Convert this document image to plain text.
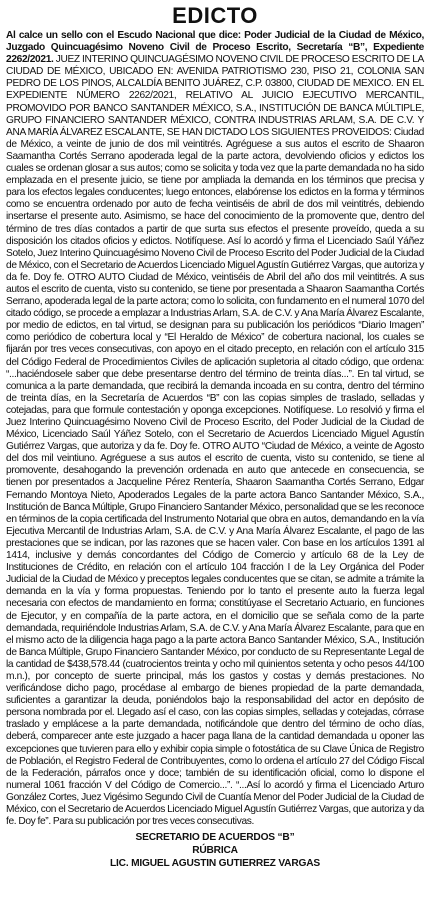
EDICTO

Al calce un sello con el Escudo Nacional que dice: Poder Judicial de la Ciudad de México, Juzgado Quincuagésimo Noveno Civil de Proceso Escrito, Secretaría “B”, Expediente 2262/2021. JUEZ INTERINO QUINCUAGÉSIMO NOVENO CIVIL DE PROCESO ESCRITO DE LA CIUDAD DE MÉXICO, UBICADO EN: AVENIDA PATRIOTISMO 230, PISO 21, COLONIA SAN PEDRO DE LOS PINOS, ALCALDÍA BENITO JUÁREZ, C.P. 03800, CIUDAD DE MEXICO. EN EL EXPEDIENTE NÚMERO 2262/2021, RELATIVO AL JUICIO EJECUTIVO MERCANTIL, PROMOVIDO POR BANCO SANTANDER MÉXICO, S.A., INSTITUCIÓN DE BANCA MÚLTIPLE, GRUPO FINANCIERO SANTANDER MÉXICO, CONTRA INDUSTRIAS ARLAM, S.A. DE C.V. Y ANA MARÍA ÁLVAREZ ESCALANTE, SE HAN DICTADO LOS SIGUIENTES PROVEIDOS: Ciudad de México, a veinte de junio de dos mil veintitrés. Agréguese a sus autos el escrito de Shaaron Saamantha Cortés Serrano apoderada legal de la parte actora, devolviendo oficios y edictos los cuales se ordenan glosar a sus autos; como se solicita y toda vez que la parte demandada no ha sido emplazada en el presente juicio, se tiene por ampliada la demanda en los términos que precisa y para los efectos legales conducentes; luego entonces, elabórense los edictos en la forma y términos como se encuentra ordenado por auto de fecha veintiséis de abril de dos mil veintitrés, debiendo insertarse el presente auto. Asimismo, se hace del conocimiento de la promovente que, dentro del término de tres días contados a partir de que surta sus efectos el presente proveído, queda a su disposición los citados oficios y edictos. Notifíquese. Así lo acordó y firma el Licenciado Saúl Yáñez Sotelo, Juez Interino Quincuagésimo Noveno Civil de Proceso Escrito del Poder Judicial de la Ciudad de México, con el Secretario de Acuerdos Licenciado Miguel Agustín Gutiérrez Vargas, que autoriza y da fe. Doy fe. OTRO AUTO Ciudad de México, veintiséis de Abril del año dos mil veintitrés. A sus autos el escrito de cuenta, visto su contenido, se tiene por presentada a Shaaron Saamantha Cortés Serrano, apoderada legal de la parte actora; como lo solicita, con fundamento en el numeral 1070 del citado código, se procede a emplazar a Industrias Arlam, S.A. de C.V. y Ana María Álvarez Escalante, por medio de edictos, en tal virtud, se designan para su publicación los periódicos “Diario Imagen” como periódico de cobertura local y “El Heraldo de México” de cobertura nacional, los cuales se fijarán por tres veces consecutivas, con apoyo en el citado precepto, en relación con el artículo 315 del Código Federal de Procedimientos Civiles de aplicación supletoria al citado código, que ordena: “...haciéndosele saber que debe presentarse dentro del término de treinta días...”. En tal virtud, se comunica a la parte demandada, que recibirá la demanda incoada en su contra, dentro del término de treinta días, en la Secretaría de Acuerdos “B” con las copias simples de traslado, selladas y cotejadas, para que formule contestación y oponga excepciones. Notifíquese. Lo resolvió y firma el Juez Interino Quincuagésimo Noveno Civil de Proceso Escrito, del Poder Judicial de la Ciudad de México, Licenciado Saúl Yáñez Sotelo, con el Secretario de Acuerdos Licenciado Miguel Agustín Gutiérrez Vargas, que autoriza y da fe. Doy fe. OTRO AUTO “Ciudad de México, a veinte de Agosto del dos mil veintiuno. Agréguese a sus autos el escrito de cuenta, visto su contenido, se tiene al promovente, desahogando la prevención ordenada en auto que antecede en consecuencia, se tienen por presentados a Jacqueline Pérez Rentería, Shaaron Saamantha Cortés Serrano, Edgar Fernando Montoya Nieto, Apoderados Legales de la parte actora Banco Santander México, S.A., Institución de Banca Múltiple, Grupo Financiero Santander México, personalidad que se les reconoce en términos de la copia certificada del Instrumento Notarial que obra en autos, demandando en la vía Ejecutiva Mercantil de Industrias Arlam, S.A. de C.V. y Ana María Álvarez Escalante, el pago de las prestaciones que se indican, por las razones que se hacen valer. Con base en los artículos 1391 al 1414, inclusive y demás concordantes del Código de Comercio y artículo 68 de la Ley de Instituciones de Crédito, en relación con el artículo 104 fracción I de la Ley Orgánica del Poder Judicial de la Ciudad de México y preceptos legales conducentes que se citan, se admite a trámite la demanda en la vía y forma propuestas. Teniendo por lo tanto el presente auto la fuerza legal necesaria con efectos de mandamiento en forma; constitúyase el Secretario Actuario, en funciones de Ejecutor, y en compañía de la parte actora, en el domicilio que se señala como de la parte demandada, requiriéndole Industrias Arlam, S.A. de C.V. y Ana María Álvarez Escalante, para que en el mismo acto de la diligencia haga pago a la parte actora Banco Santander México, S.A., Institución de Banca Múltiple, Grupo Financiero Santander México, por conducto de su Representante Legal de la cantidad de $438,578.44 (cuatrocientos treinta y ocho mil quinientos setenta y ocho pesos 44/100 m.n.), por concepto de suerte principal, más los gastos y costas y demás prestaciones. No verificándose dicho pago, procédase al embargo de bienes propiedad de la parte demandada, suficientes a garantizar la deuda, poniéndolos bajo la responsabilidad del actor en depósito de persona nombrada por el. Llegado así el caso, con las copias simples, selladas y cotejadas, córrase traslado y emplácese a la parte demandada, notificándole que dentro del término de ocho días, deberá, comparecer ante este juzgado a hacer paga llana de la cantidad demandada u oponer las excepciones que tuvieren para ello y exhibir copia simple o fotostática de su Clave Única de Registro de Población, el Registro Federal de Contribuyentes, como lo ordena el artículo 27 del Código Fiscal de la Federación, párrafos once y doce; también de su identificación oficial, como lo dispone el numeral 1061 fracción V del Código de Comercio...”. “...Así lo acordó y firma el Licenciado Arturo González Cortes, Juez Vigésimo Segundo Civil de Cuantía Menor del Poder Judicial de la Ciudad de México, con el Secretario de Acuerdos Licenciado Miguel Agustín Gutiérrez Vargas, que autoriza y da fe. Doy fe”. Para su publicación por tres veces consecutivas.

SECRETARIO DE ACUERDOS “B”
RÚBRICA
LIC. MIGUEL AGUSTIN GUTIERREZ VARGAS
